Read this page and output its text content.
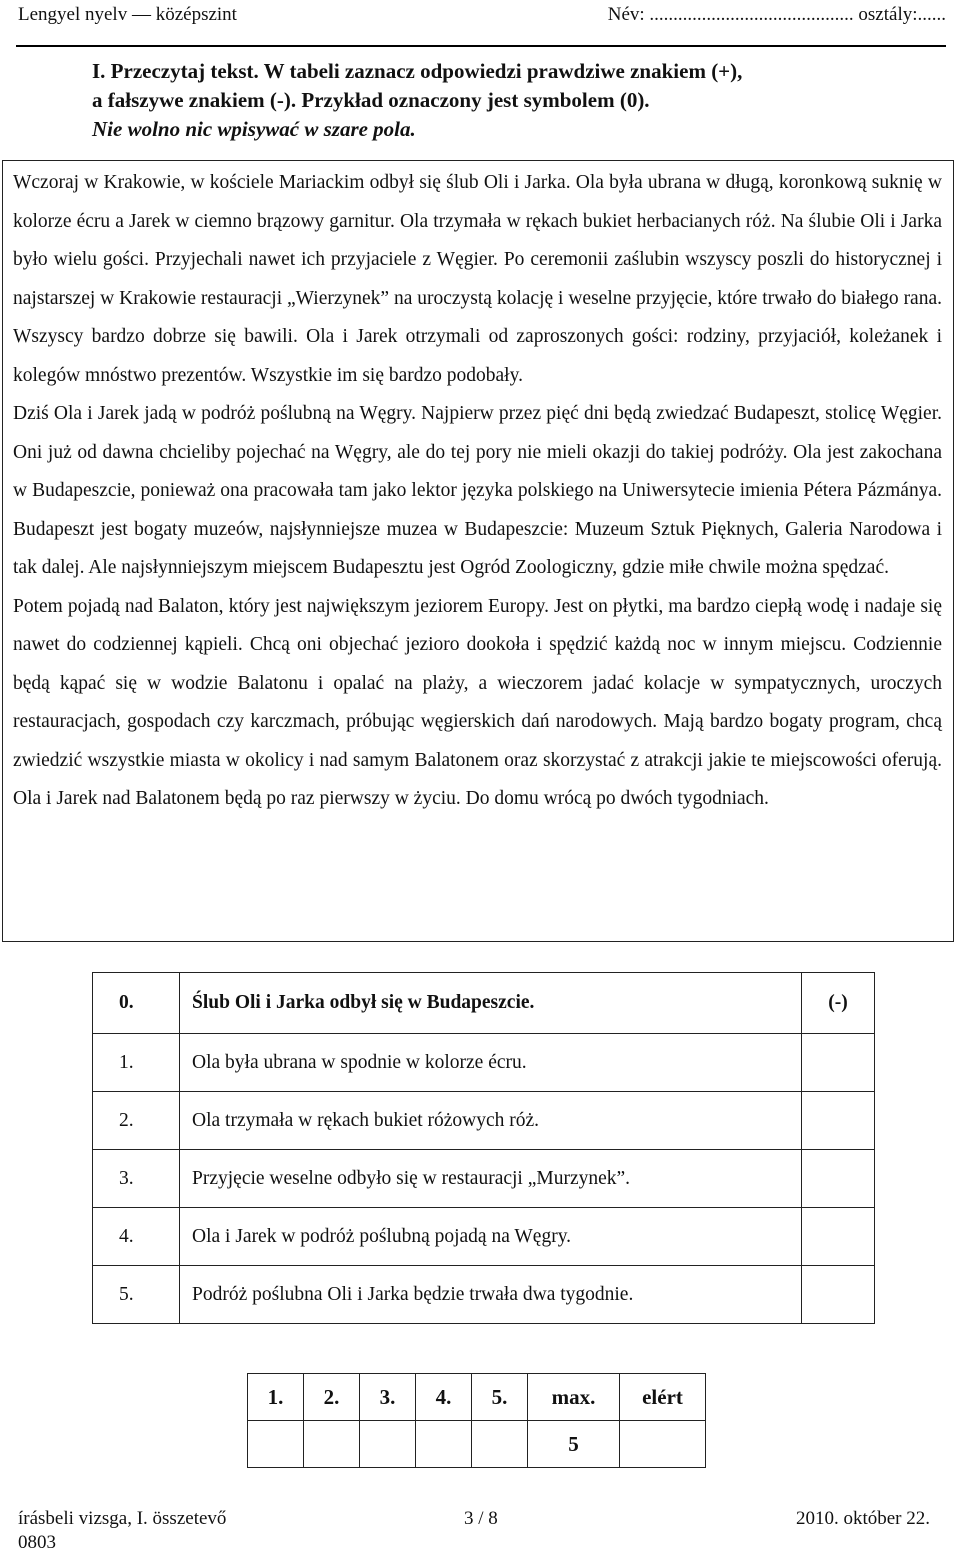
Lengyel nyelv — középszint	Név: ........................................... osztály:......
I. Przeczytaj tekst. W tabeli zaznacz odpowiedzi prawdziwe znakiem (+),
a fałszywe znakiem (-). Przykład oznaczony jest symbolem (0).
Nie wolno nic wpisywać w szare pola.

Wczoraj w Krakowie, w kościele Mariackim odbył się ślub Oli i Jarka. Ola była ubrana w długą, koronkową suknię w kolorze écru a Jarek w ciemno brązowy garnitur. Ola trzymała w rękach bukiet herbacianych róż. Na ślubie Oli i Jarka było wielu gości. Przyjechali nawet ich przyjaciele z Węgier. Po ceremonii zaślubin wszyscy poszli do historycznej i najstarszej w Krakowie restauracji „Wierzynek” na uroczystą kolację i weselne przyjęcie, które trwało do białego rana. Wszyscy bardzo dobrze się bawili. Ola i Jarek otrzymali od zaproszonych gości: rodziny, przyjaciół, koleżanek i kolegów mnóstwo prezentów. Wszystkie im się bardzo podobały.

Dziś Ola i Jarek jadą w podróż poślubną na Węgry. Najpierw przez pięć dni będą zwiedzać Budapeszt, stolicę Węgier. Oni już od dawna chcieliby pojechać na Węgry, ale do tej pory nie mieli okazji do takiej podróży. Ola jest zakochana w Budapeszcie, ponieważ ona pracowała tam jako lektor języka polskiego na Uniwersytecie imienia Pétera Pázmánya. Budapeszt jest bogaty muzeów, najsłynniejsze muzea w Budapeszcie: Muzeum Sztuk Pięknych, Galeria Narodowa i tak dalej. Ale najsłynniejszym miejscem Budapesztu jest Ogród Zoologiczny, gdzie miłe chwile można spędzać.

Potem pojadą nad Balaton, który jest największym jeziorem Europy. Jest on płytki, ma bardzo ciepłą wodę i nadaje się nawet do codziennej kąpieli. Chcą oni objechać jezioro dookoła i spędzić każdą noc w innym miejscu. Codziennie będą kąpać się w wodzie Balatonu i opalać na plaży, a wieczorem jadać kolacje w sympatycznych, uroczych restauracjach, gospodach czy karczmach, próbując węgierskich dań narodowych. Mają bardzo bogaty program, chcą zwiedzić wszystkie miasta w okolicy i nad samym Balatonem oraz skorzystać z atrakcji jakie te miejscowości oferują. Ola i Jarek nad Balatonem będą po raz pierwszy w życiu. Do domu wrócą po dwóch tygodniach.

0.	Ślub Oli i Jarka odbył się w Budapeszcie.	(-)
1.	Ola była ubrana w spodnie w kolorze écru.	
2.	Ola trzymała w rękach bukiet różowych róż.	
3.	Przyjęcie weselne odbyło się w restauracji „Murzynek”.	
4.	Ola i Jarek w podróż poślubną pojadą na Węgry.	
5.	Podróż poślubna Oli i Jarka będzie trwała dwa tygodnie.	
1.	2.	3.	4.	5.	max.	elért
					5	
írásbeli vizsga, I. összetevő	3 / 8	2010. október 22.
0803
